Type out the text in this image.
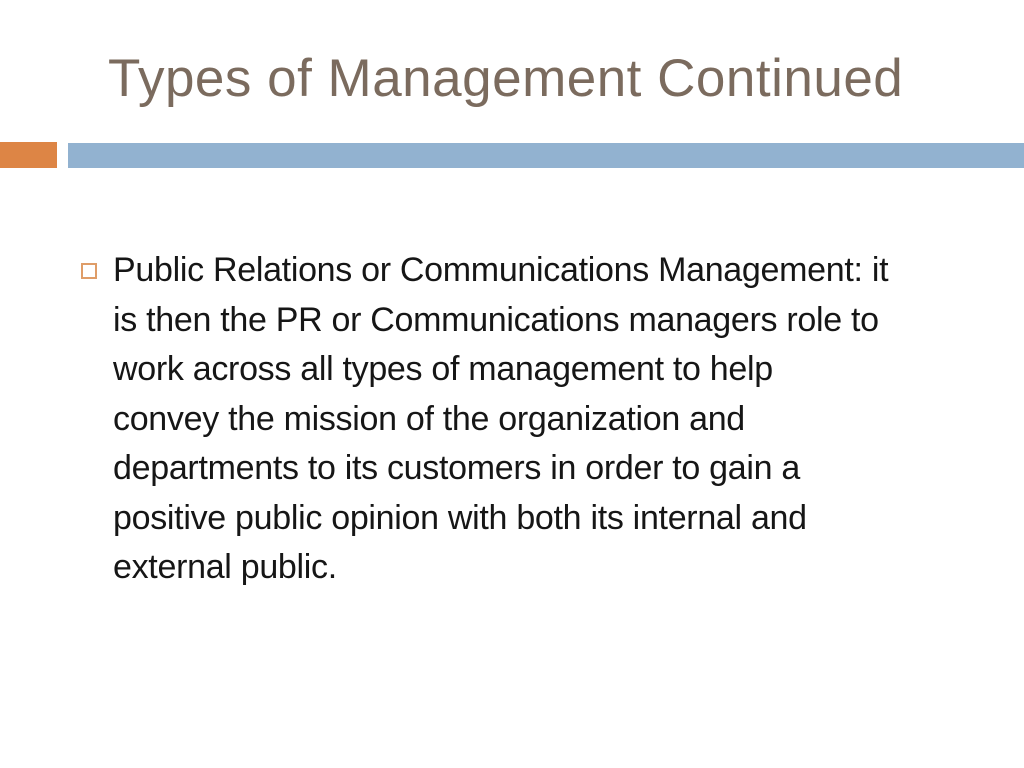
Types of Management Continued
Public Relations or Communications Management: it
is then the PR or Communications managers role to
work across all types of management to help
convey the mission of the organization and
departments to its customers in order to gain a
positive public opinion with both its internal and
external public.
